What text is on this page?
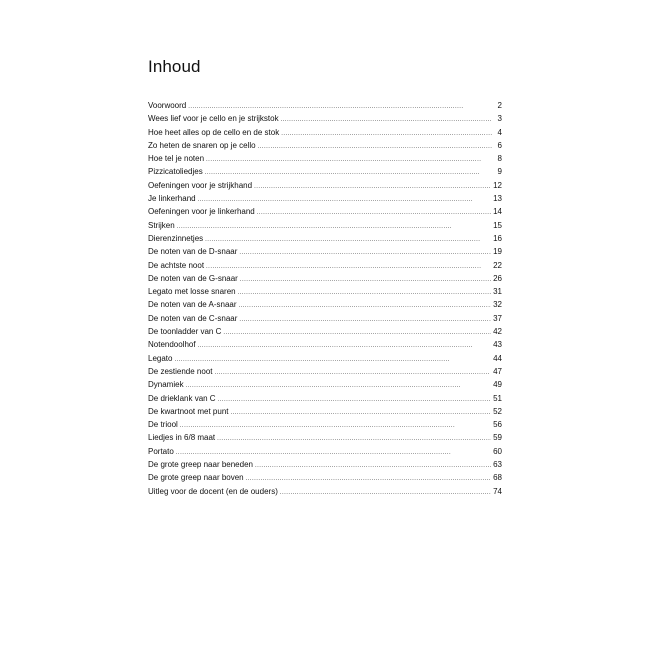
Inhoud
Voorwoord . . .	2
Wees lief voor je cello en je strijkstok . . .	3
Hoe heet alles op de cello en de stok . . .	4
Zo heten de snaren op je cello . . .	6
Hoe tel je noten . . .	8
Pizzicatoliedjes . . .	9
Oefeningen voor je strijkhand . . .	12
Je linkerhand . . .	13
Oefeningen voor je linkerhand . . .	14
Strijken . . .	15
Dierenzinnetjes . . .	16
De noten van de D-snaar . . .	19
De achtste noot . . .	22
De noten van de G-snaar . . .	26
Legato met losse snaren . . .	31
De noten van de A-snaar . . .	32
De noten van de C-snaar . . .	37
De toonladder van C . . .	42
Notendoolhof . . .	43
Legato . . .	44
De zestiende noot . . .	47
Dynamiek . . .	49
De drieklank van C . . .	51
De kwartnoot met punt . . .	52
De triool . . .	56
Liedjes in 6/8 maat . . .	59
Portato . . .	60
De grote greep naar beneden . . .	63
De grote greep naar boven . . .	68
Uitleg voor de docent (en de ouders) . . .	74
